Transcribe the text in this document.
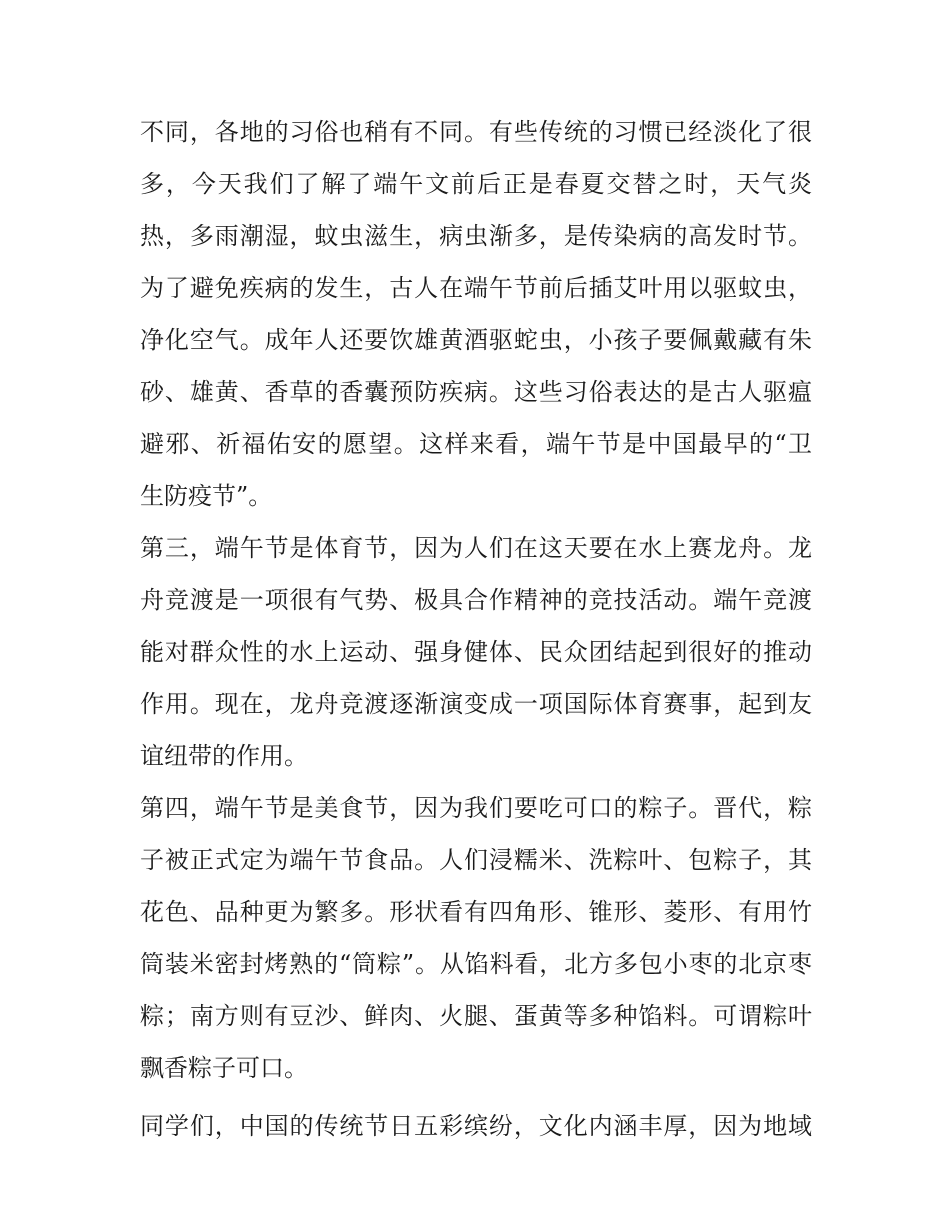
不同，各地的习俗也稍有不同。有些传统的习惯已经淡化了很
多，今天我们了解了端午文前后正是春夏交替之时，天气炎
热，多雨潮湿，蚊虫滋生，病虫渐多，是传染病的高发时节。
为了避免疾病的发生，古人在端午节前后插艾叶用以驱蚊虫，
净化空气。成年人还要饮雄黄酒驱蛇虫，小孩子要佩戴藏有朱
砂、雄黄、香草的香囊预防疾病。这些习俗表达的是古人驱瘟
避邪、祈福佑安的愿望。这样来看，端午节是中国最早的“卫
生防疫节”。
第三，端午节是体育节，因为人们在这天要在水上赛龙舟。龙
舟竞渡是一项很有气势、极具合作精神的竞技活动。端午竞渡
能对群众性的水上运动、强身健体、民众团结起到很好的推动
作用。现在，龙舟竞渡逐渐演变成一项国际体育赛事，起到友
谊纽带的作用。
第四，端午节是美食节，因为我们要吃可口的粽子。晋代，粽
子被正式定为端午节食品。人们浸糯米、洗粽叶、包粽子，其
花色、品种更为繁多。形状看有四角形、锥形、菱形、有用竹
筒装米密封烤熟的“筒粽”。从馅料看，北方多包小枣的北京枣
粽；南方则有豆沙、鲜肉、火腿、蛋黄等多种馅料。可谓粽叶
飘香粽子可口。
同学们，中国的传统节日五彩缤纷，文化内涵丰厚，因为地域
